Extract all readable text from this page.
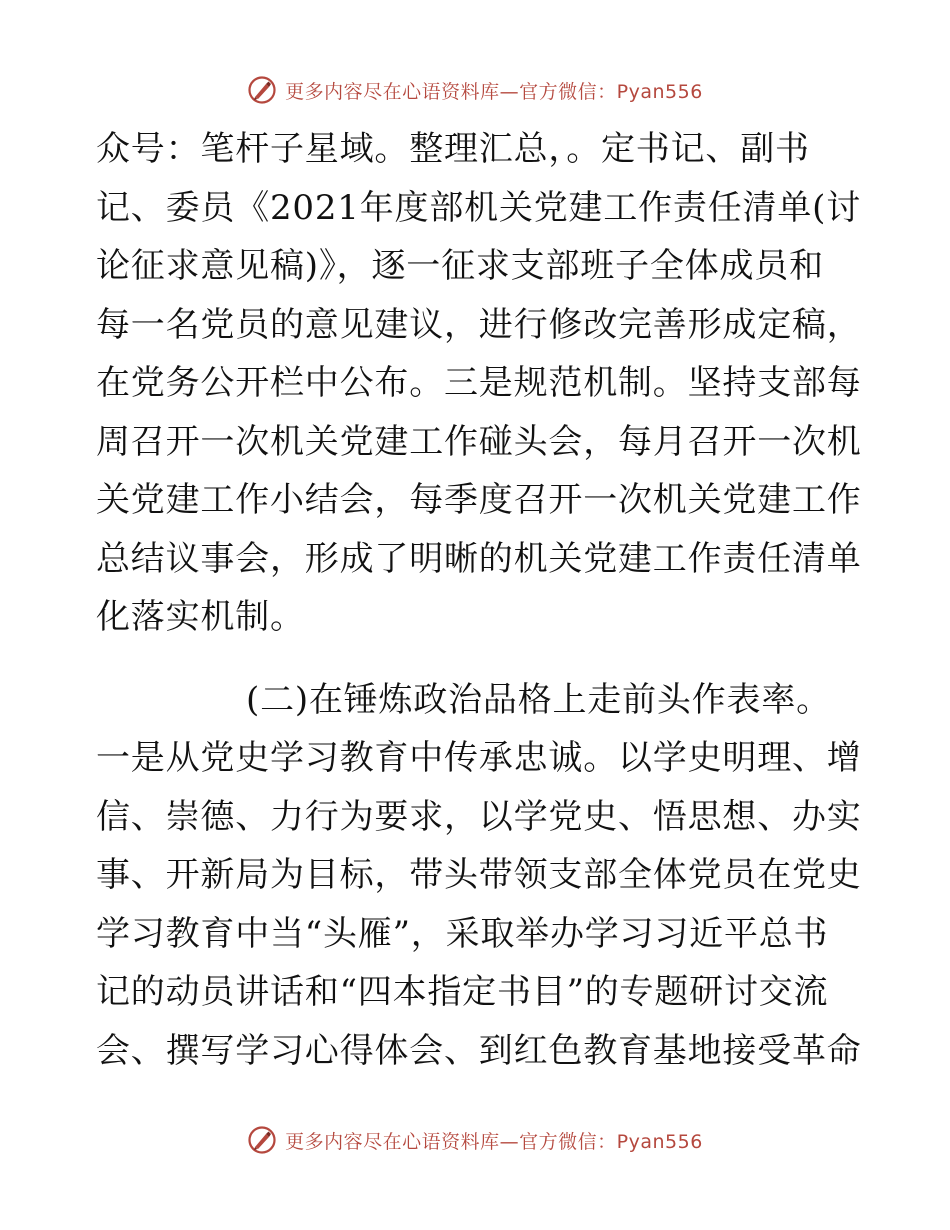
更多内容尽在心语资料库—官方微信：Pyan556
众号：笔杆子星域。整理汇总，。定书记、副书
记、委员《2021年度部机关党建工作责任清单(讨
论征求意见稿)》，逐一征求支部班子全体成员和
每一名党员的意见建议，进行修改完善形成定稿，
在党务公开栏中公布。三是规范机制。坚持支部每
周召开一次机关党建工作碰头会，每月召开一次机
关党建工作小结会，每季度召开一次机关党建工作
总结议事会，形成了明晰的机关党建工作责任清单
化落实机制。
(二)在锤炼政治品格上走前头作表率。
一是从党史学习教育中传承忠诚。以学史明理、增
信、崇德、力行为要求，以学党史、悟思想、办实
事、开新局为目标，带头带领支部全体党员在党史
学习教育中当“头雁”，采取举办学习习近平总书
记的动员讲话和“四本指定书目”的专题研讨交流
会、撰写学习心得体会、到红色教育基地接受革命
更多内容尽在心语资料库—官方微信：Pyan556
